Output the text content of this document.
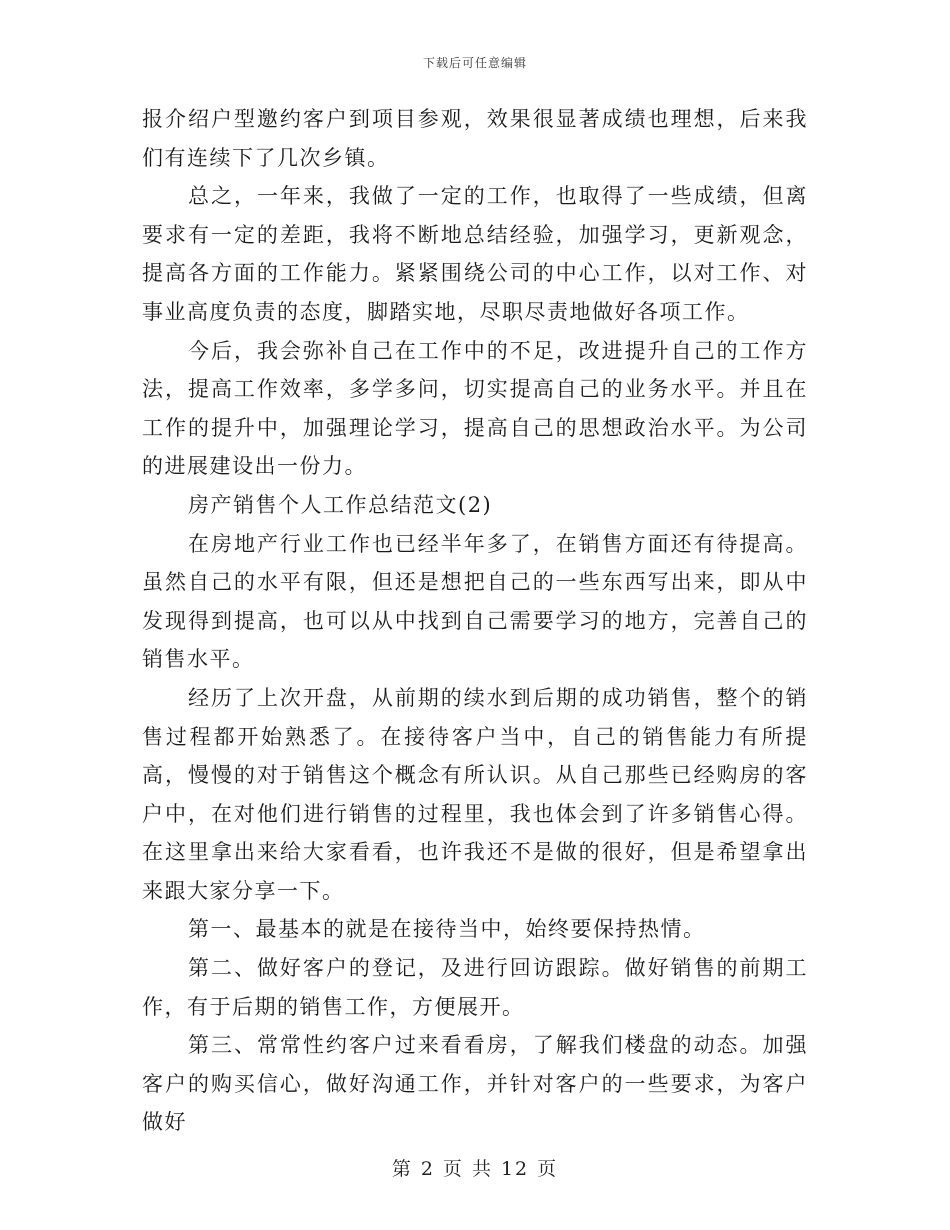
下载后可任意编辑

报介绍户型邀约客户到项目参观，效果很显著成绩也理想，后来我们有连续下了几次乡镇。

总之，一年来，我做了一定的工作，也取得了一些成绩，但离要求有一定的差距，我将不断地总结经验，加强学习，更新观念，提高各方面的工作能力。紧紧围绕公司的中心工作，以对工作、对事业高度负责的态度，脚踏实地，尽职尽责地做好各项工作。

今后，我会弥补自己在工作中的不足，改进提升自己的工作方法，提高工作效率，多学多问，切实提高自己的业务水平。并且在工作的提升中，加强理论学习，提高自己的思想政治水平。为公司的进展建设出一份力。

房产销售个人工作总结范文(2)

在房地产行业工作也已经半年多了，在销售方面还有待提高。虽然自己的水平有限，但还是想把自己的一些东西写出来，即从中发现得到提高，也可以从中找到自己需要学习的地方，完善自己的销售水平。

经历了上次开盘，从前期的续水到后期的成功销售，整个的销售过程都开始熟悉了。在接待客户当中，自己的销售能力有所提高，慢慢的对于销售这个概念有所认识。从自己那些已经购房的客户中，在对他们进行销售的过程里，我也体会到了许多销售心得。在这里拿出来给大家看看，也许我还不是做的很好，但是希望拿出来跟大家分享一下。

第一、最基本的就是在接待当中，始终要保持热情。

第二、做好客户的登记，及进行回访跟踪。做好销售的前期工作，有于后期的销售工作，方便展开。

第三、常常性约客户过来看看房，了解我们楼盘的动态。加强客户的购买信心，做好沟通工作，并针对客户的一些要求，为客户做好

第 2 页 共 12 页
